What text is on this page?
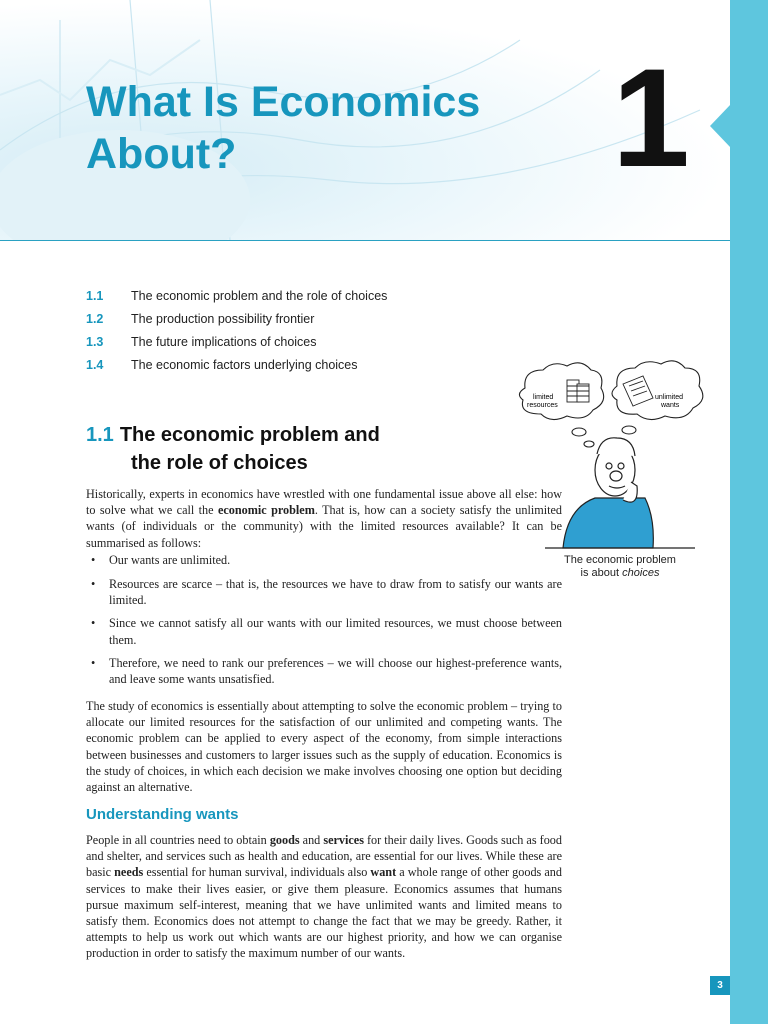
What Is Economics
About?	1
1.1	The economic problem and the role of choices
1.2	The production possibility frontier
1.3	The future implications of choices
1.4	The economic factors underlying choices
1.1 The economic problem and
the role of choices

Historically, experts in economics have wrestled with one fundamental issue above all else: how to solve what we call the economic problem. That is, how can a society satisfy the unlimited wants (of individuals or the community) with the limited resources available? It can be summarised as follows:

• Our wants are unlimited.
• Resources are scarce – that is, the resources we have to draw from to satisfy our wants are limited.
• Since we cannot satisfy all our wants with our limited resources, we must choose between them.
• Therefore, we need to rank our preferences – we will choose our highest-preference wants, and leave some wants unsatisfied.

The study of economics is essentially about attempting to solve the economic problem – trying to allocate our limited resources for the satisfaction of our unlimited and competing wants. The economic problem can be applied to every aspect of the economy, from simple interactions between businesses and customers to larger issues such as the supply of education. Economics is the study of choices, in which each decision we make involves choosing one option but deciding against an alternative.

Understanding wants

People in all countries need to obtain goods and services for their daily lives. Goods such as food and shelter, and services such as health and education, are essential for our lives. While these are basic needs essential for human survival, individuals also want a whole range of other goods and services to make their lives easier, or give them pleasure. Economics assumes that humans pursue maximum self-interest, meaning that we have unlimited wants and limited means to satisfy them. Economics does not attempt to change the fact that we may be greedy. Rather, it attempts to help us work out which wants are our highest priority, and how we can organise production in order to satisfy the maximum number of our wants.

limited
resources
unlimited
wants
The economic problem
is about choices
3
